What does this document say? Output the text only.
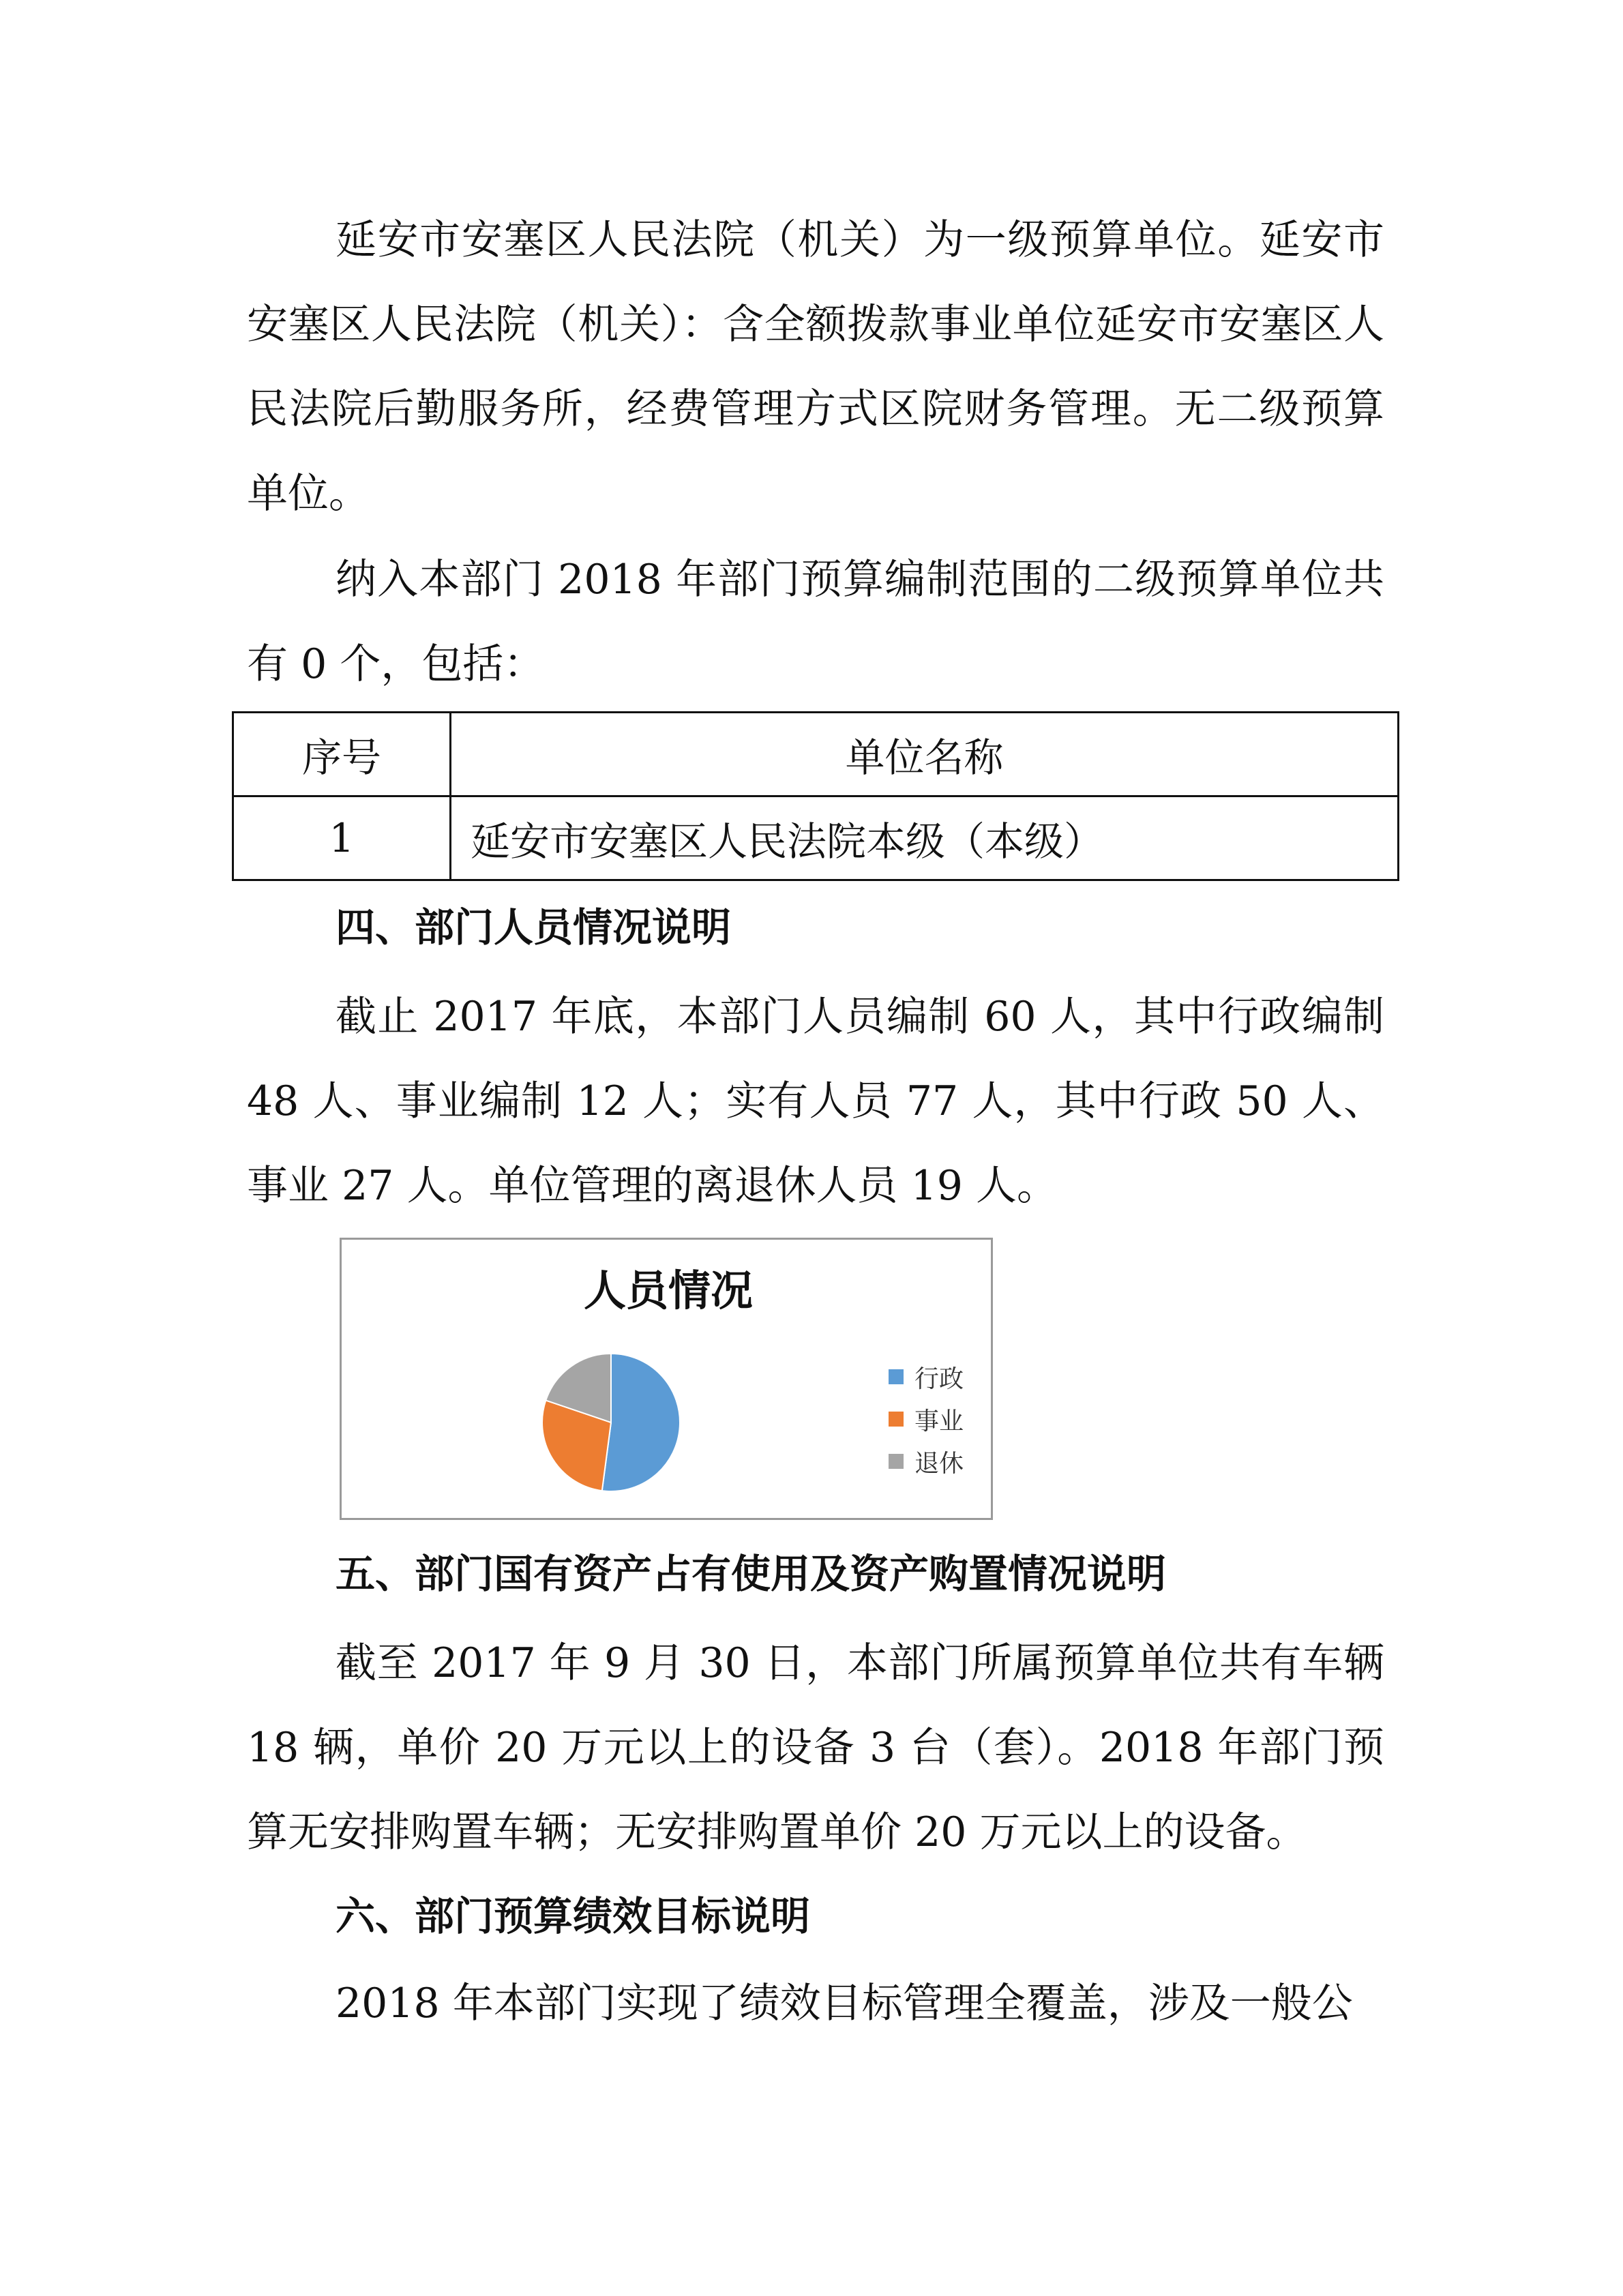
延安市安塞区人民法院（机关）为一级预算单位。延安市安塞区人民法院（机关）：含全额拨款事业单位延安市安塞区人民法院后勤服务所，经费管理方式区院财务管理。无二级预算单位。

纳入本部门 2018 年部门预算编制范围的二级预算单位共有 0 个，包括：

序号	单位名称
1	延安市安塞区人民法院本级（本级）
四、部门人员情况说明

截止 2017 年底，本部门人员编制 60 人，其中行政编制 48 人、事业编制 12 人；实有人员 77 人，其中行政 50 人、事业 27 人。单位管理的离退休人员 19 人。

人员情况
行政
事业
退休
五、部门国有资产占有使用及资产购置情况说明

截至 2017 年 9 月 30 日，本部门所属预算单位共有车辆 18 辆，单价 20 万元以上的设备 3 台（套）。2018 年部门预算无安排购置车辆；无安排购置单价 20 万元以上的设备。

六、部门预算绩效目标说明

2018 年本部门实现了绩效目标管理全覆盖，涉及一般公
